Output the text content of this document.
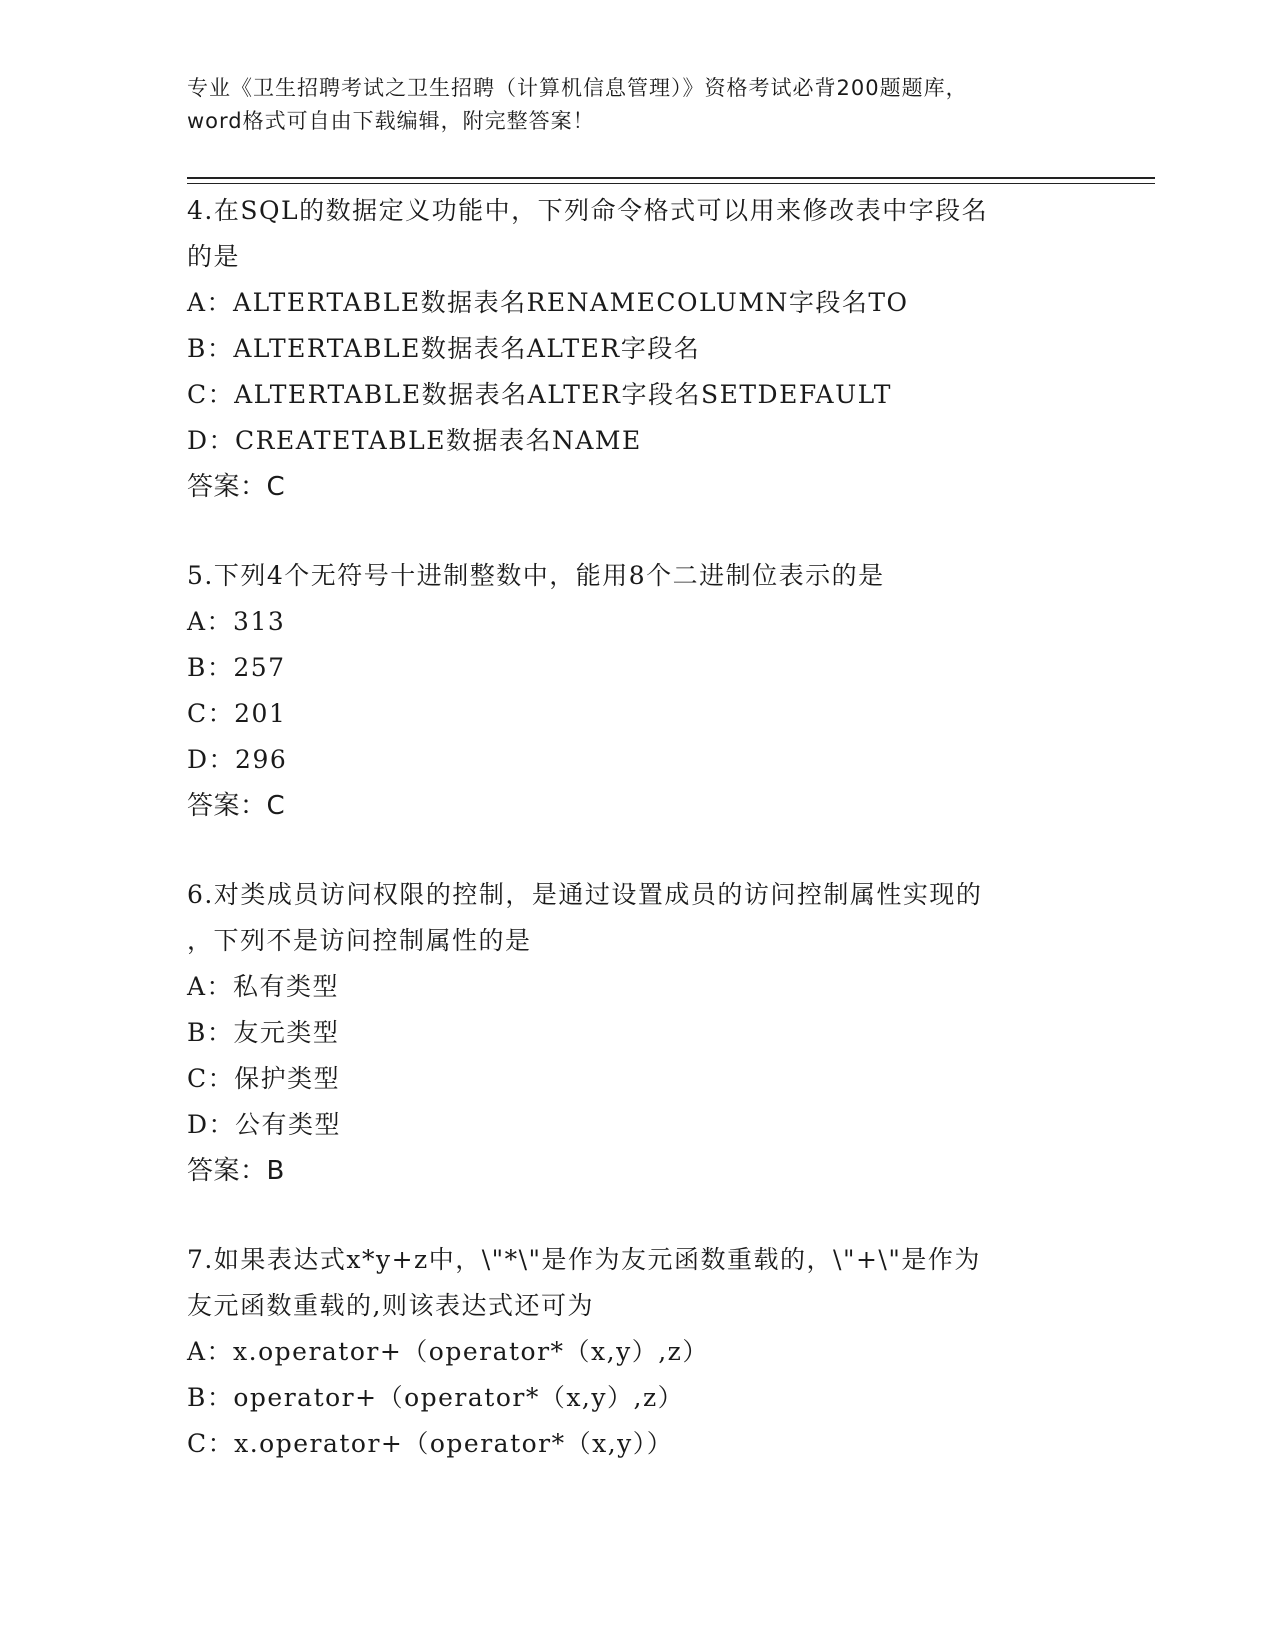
专业《卫生招聘考试之卫生招聘（计算机信息管理）》资格考试必背200题题库，
word格式可自由下载编辑，附完整答案！
4.在SQL的数据定义功能中，下列命令格式可以用来修改表中字段名
的是
A：ALTERTABLE数据表名RENAMECOLUMN字段名TO
B：ALTERTABLE数据表名ALTER字段名
C：ALTERTABLE数据表名ALTER字段名SETDEFAULT
D：CREATETABLE数据表名NAME
答案：C
5.下列4个无符号十进制整数中，能用8个二进制位表示的是
A：313
B：257
C：201
D：296
答案：C
6.对类成员访问权限的控制，是通过设置成员的访问控制属性实现的
，下列不是访问控制属性的是
A：私有类型
B：友元类型
C：保护类型
D：公有类型
答案：B
7.如果表达式x*y+z中，\"*\"是作为友元函数重载的，\"+\"是作为
友元函数重载的,则该表达式还可为
A：x.operator+（operator*（x,y）,z）
B：operator+（operator*（x,y）,z）
C：x.operator+（operator*（x,y））
